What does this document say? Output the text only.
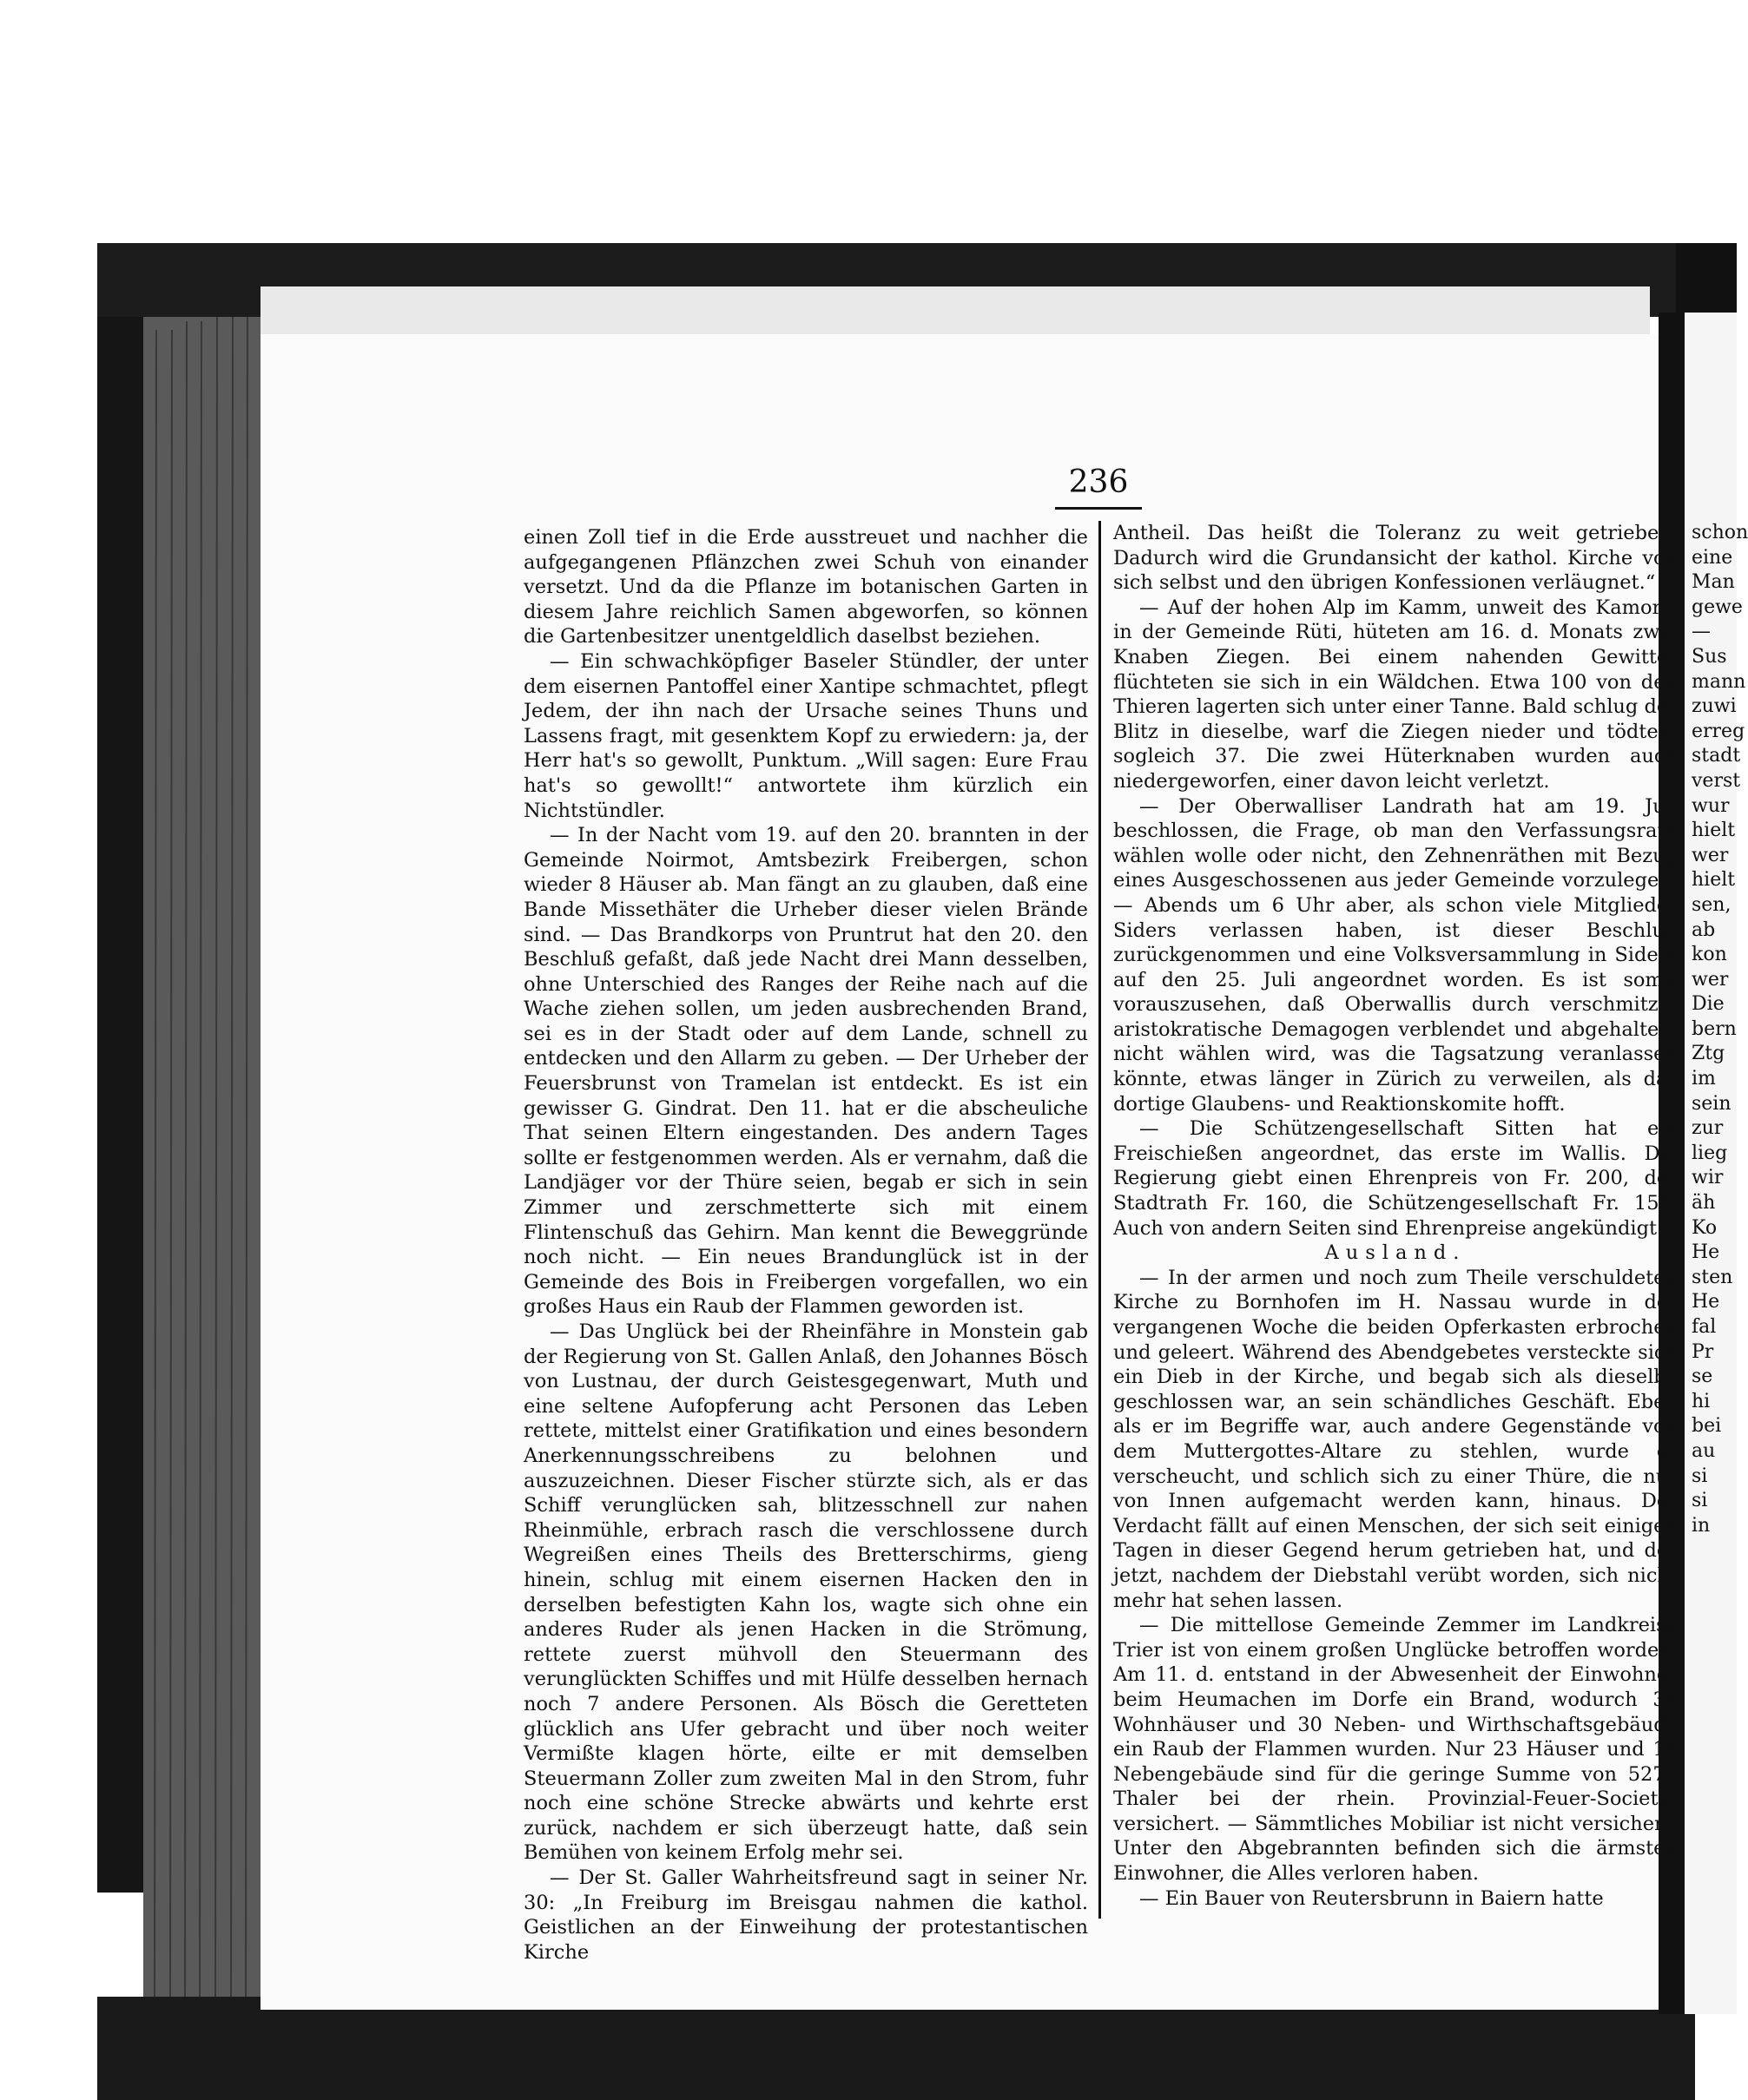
236

einen Zoll tief in die Erde ausstreuet und nachher die aufgegangenen Pflänzchen zwei Schuh von einander versetzt. Und da die Pflanze im botanischen Garten in diesem Jahre reichlich Samen abgeworfen, so können die Gartenbesitzer unentgeldlich daselbst beziehen.

— Ein schwachköpfiger Baseler Stündler, der unter dem eisernen Pantoffel einer Xantipe schmachtet, pflegt Jedem, der ihn nach der Ursache seines Thuns und Lassens fragt, mit gesenktem Kopf zu erwiedern: ja, der Herr hat's so gewollt, Punktum. „Will sagen: Eure Frau hat's so gewollt!“ antwortete ihm kürzlich ein Nichtstündler.

— In der Nacht vom 19. auf den 20. brannten in der Gemeinde Noirmot, Amtsbezirk Freibergen, schon wieder 8 Häuser ab. Man fängt an zu glauben, daß eine Bande Missethäter die Urheber dieser vielen Brände sind. — Das Brandkorps von Pruntrut hat den 20. den Beschluß gefaßt, daß jede Nacht drei Mann desselben, ohne Unterschied des Ranges der Reihe nach auf die Wache ziehen sollen, um jeden ausbrechenden Brand, sei es in der Stadt oder auf dem Lande, schnell zu entdecken und den Allarm zu geben. — Der Urheber der Feuersbrunst von Tramelan ist entdeckt. Es ist ein gewisser G. Gindrat. Den 11. hat er die abscheuliche That seinen Eltern eingestanden. Des andern Tages sollte er festgenommen werden. Als er vernahm, daß die Landjäger vor der Thüre seien, begab er sich in sein Zimmer und zerschmetterte sich mit einem Flintenschuß das Gehirn. Man kennt die Beweggründe noch nicht. — Ein neues Brandunglück ist in der Gemeinde des Bois in Freibergen vorgefallen, wo ein großes Haus ein Raub der Flammen geworden ist.

— Das Unglück bei der Rheinfähre in Monstein gab der Regierung von St. Gallen Anlaß, den Johannes Bösch von Lustnau, der durch Geistesgegenwart, Muth und eine seltene Aufopferung acht Personen das Leben rettete, mittelst einer Gratifikation und eines besondern Anerkennungsschreibens zu belohnen und auszuzeichnen. Dieser Fischer stürzte sich, als er das Schiff verunglücken sah, blitzesschnell zur nahen Rheinmühle, erbrach rasch die verschlossene durch Wegreißen eines Theils des Bretterschirms, gieng hinein, schlug mit einem eisernen Hacken den in derselben befestigten Kahn los, wagte sich ohne ein anderes Ruder als jenen Hacken in die Strömung, rettete zuerst mühvoll den Steuermann des verunglückten Schiffes und mit Hülfe desselben hernach noch 7 andere Personen. Als Bösch die Geretteten glücklich ans Ufer gebracht und über noch weiter Vermißte klagen hörte, eilte er mit demselben Steuermann Zoller zum zweiten Mal in den Strom, fuhr noch eine schöne Strecke abwärts und kehrte erst zurück, nachdem er sich überzeugt hatte, daß sein Bemühen von keinem Erfolg mehr sei.

— Der St. Galler Wahrheitsfreund sagt in seiner Nr. 30: „In Freiburg im Breisgau nahmen die kathol. Geistlichen an der Einweihung der protestantischen Kirche

Antheil. Das heißt die Toleranz zu weit getrieben. Dadurch wird die Grundansicht der kathol. Kirche von sich selbst und den übrigen Konfessionen verläugnet.“

— Auf der hohen Alp im Kamm, unweit des Kamors, in der Gemeinde Rüti, hüteten am 16. d. Monats zwei Knaben Ziegen. Bei einem nahenden Gewitter flüchteten sie sich in ein Wäldchen. Etwa 100 von den Thieren lagerten sich unter einer Tanne. Bald schlug der Blitz in dieselbe, warf die Ziegen nieder und tödtete sogleich 37. Die zwei Hüterknaben wurden auch niedergeworfen, einer davon leicht verletzt.

— Der Oberwalliser Landrath hat am 19. Juli beschlossen, die Frage, ob man den Verfassungsrath wählen wolle oder nicht, den Zehnenräthen mit Bezug eines Ausgeschossenen aus jeder Gemeinde vorzulegen. — Abends um 6 Uhr aber, als schon viele Mitglieder Siders verlassen haben, ist dieser Beschluß zurückgenommen und eine Volksversammlung in Siders auf den 25. Juli angeordnet worden. Es ist somit vorauszusehen, daß Oberwallis durch verschmitzte aristokratische Demagogen verblendet und abgehalten, nicht wählen wird, was die Tagsatzung veranlassen könnte, etwas länger in Zürich zu verweilen, als das dortige Glaubens- und Reaktionskomite hofft.

— Die Schützengesellschaft Sitten hat ein Freischießen angeordnet, das erste im Wallis. Die Regierung giebt einen Ehrenpreis von Fr. 200, der Stadtrath Fr. 160, die Schützengesellschaft Fr. 150. Auch von andern Seiten sind Ehrenpreise angekündigt.

Ausland.

— In der armen und noch zum Theile verschuldeten Kirche zu Bornhofen im H. Nassau wurde in der vergangenen Woche die beiden Opferkasten erbrochen und geleert. Während des Abendgebetes versteckte sich ein Dieb in der Kirche, und begab sich als dieselbe geschlossen war, an sein schändliches Geschäft. Eben als er im Begriffe war, auch andere Gegenstände von dem Muttergottes-Altare zu stehlen, wurde er verscheucht, und schlich sich zu einer Thüre, die nur von Innen aufgemacht werden kann, hinaus. Der Verdacht fällt auf einen Menschen, der sich seit einigen Tagen in dieser Gegend herum getrieben hat, und der jetzt, nachdem der Diebstahl verübt worden, sich nicht mehr hat sehen lassen.

— Die mittellose Gemeinde Zemmer im Landkreise Trier ist von einem großen Unglücke betroffen worden. Am 11. d. entstand in der Abwesenheit der Einwohner beim Heumachen im Dorfe ein Brand, wodurch 35 Wohnhäuser und 30 Neben- und Wirthschaftsgebäude ein Raub der Flammen wurden. Nur 23 Häuser und 19 Nebengebäude sind für die geringe Summe von 5270 Thaler bei der rhein. Provinzial-Feuer-Societät versichert. — Sämmtliches Mobiliar ist nicht versichert. Unter den Abgebrannten befinden sich die ärmsten Einwohner, die Alles verloren haben.

— Ein Bauer von Reutersbrunn in Baiern hatte

schon
eine
Man
gewe
—
Sus
mann
zuwi
erreg
stadt
verst
wur
hielt
wer
hielt
sen,
ab
kon
wer
Die
bern
Ztg
im
sein
zur
lieg
wir
äh
Ko
He
sten
He
fal
Pr
se
hi
bei
au
si
si
in
